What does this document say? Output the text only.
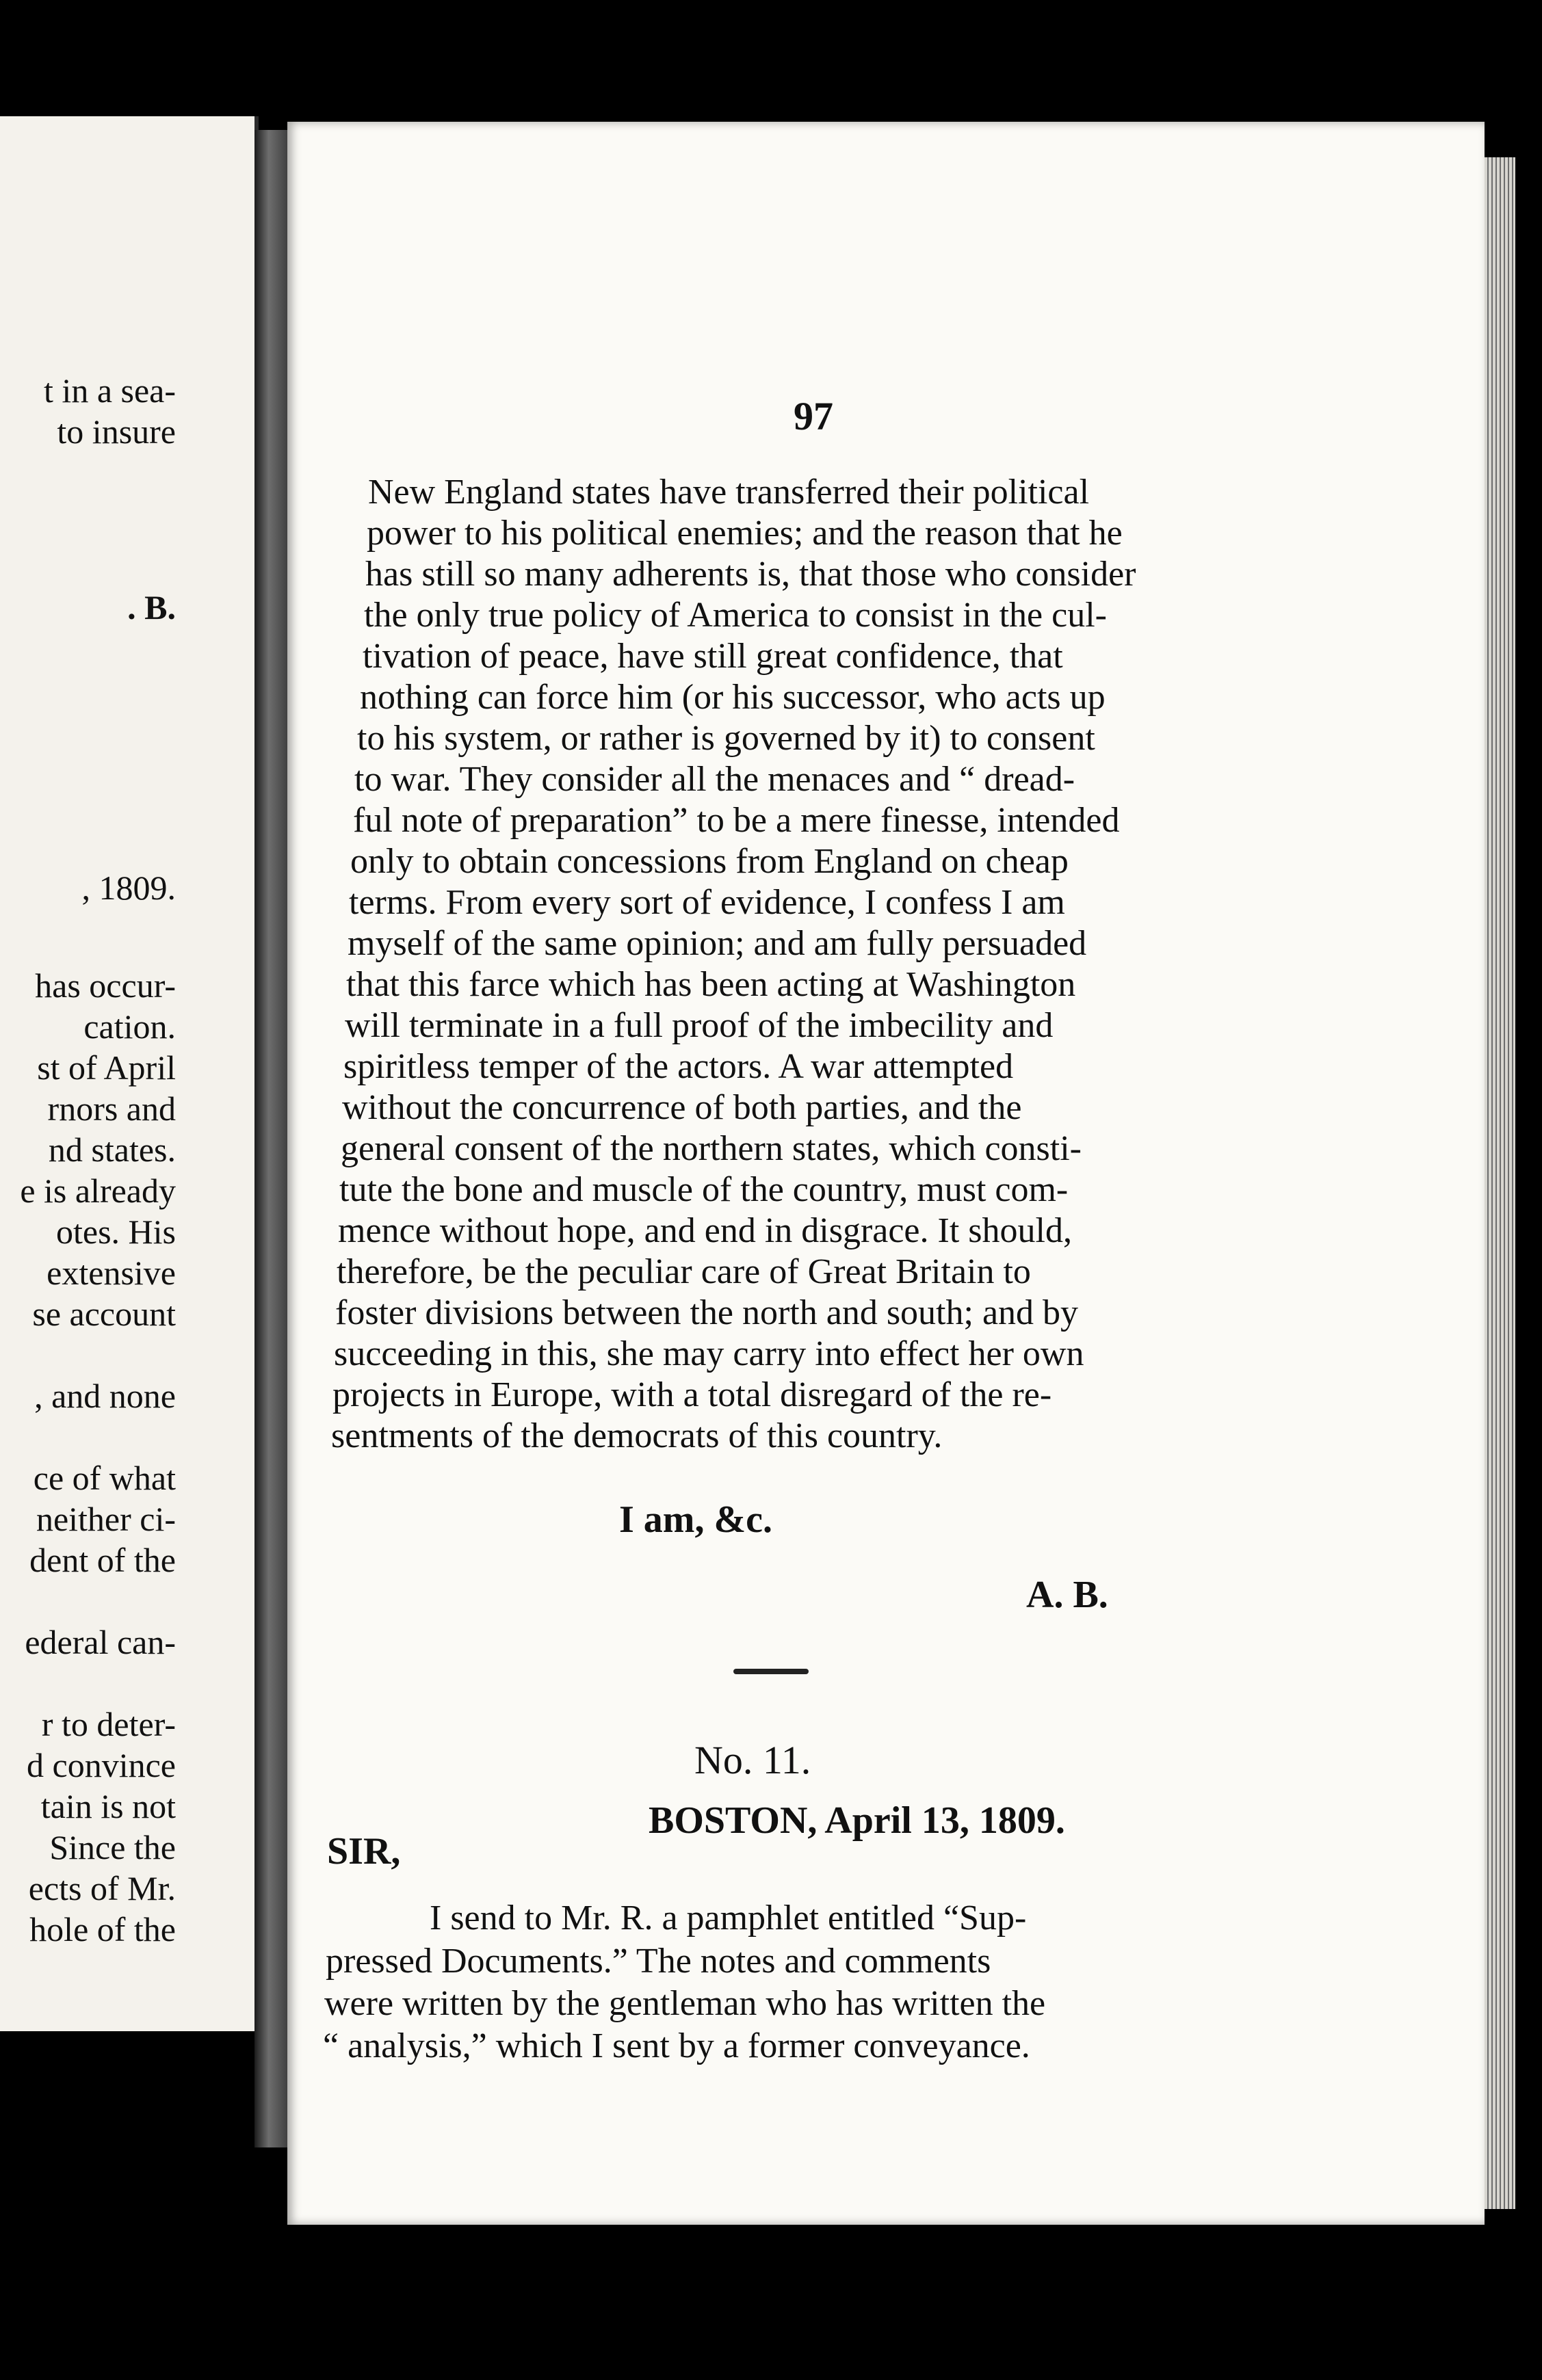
t in a sea-
to insure
. B.
, 1809.
has occur-
cation.
st of April
rnors and
nd states.
e is already
otes. His
extensive
se account
, and none
ce of what
neither ci-
dent of the
ederal can-
r to deter-
d convince
tain is not
Since the
ects of Mr.
hole of the
97
New England states have transferred their political
power to his political enemies; and the reason that he
has still so many adherents is, that those who consider
the only true policy of America to consist in the cul-
tivation of peace, have still great confidence, that
nothing can force him (or his successor, who acts up
to his system, or rather is governed by it) to consent
to war. They consider all the menaces and “ dread-
ful note of preparation” to be a mere finesse, intended
only to obtain concessions from England on cheap
terms. From every sort of evidence, I confess I am
myself of the same opinion; and am fully persuaded
that this farce which has been acting at Washington
will terminate in a full proof of the imbecility and
spiritless temper of the actors. A war attempted
without the concurrence of both parties, and the
general consent of the northern states, which consti-
tute the bone and muscle of the country, must com-
mence without hope, and end in disgrace. It should,
therefore, be the peculiar care of Great Britain to
foster divisions between the north and south; and by
succeeding in this, she may carry into effect her own
projects in Europe, with a total disregard of the re-
sentments of the democrats of this country.
I am, &c.
A. B.
No. 11.
BOSTON, April 13, 1809.
SIR,
I send to Mr. R. a pamphlet entitled “Sup-
pressed Documents.” The notes and comments
were written by the gentleman who has written the
“ analysis,” which I sent by a former conveyance.
